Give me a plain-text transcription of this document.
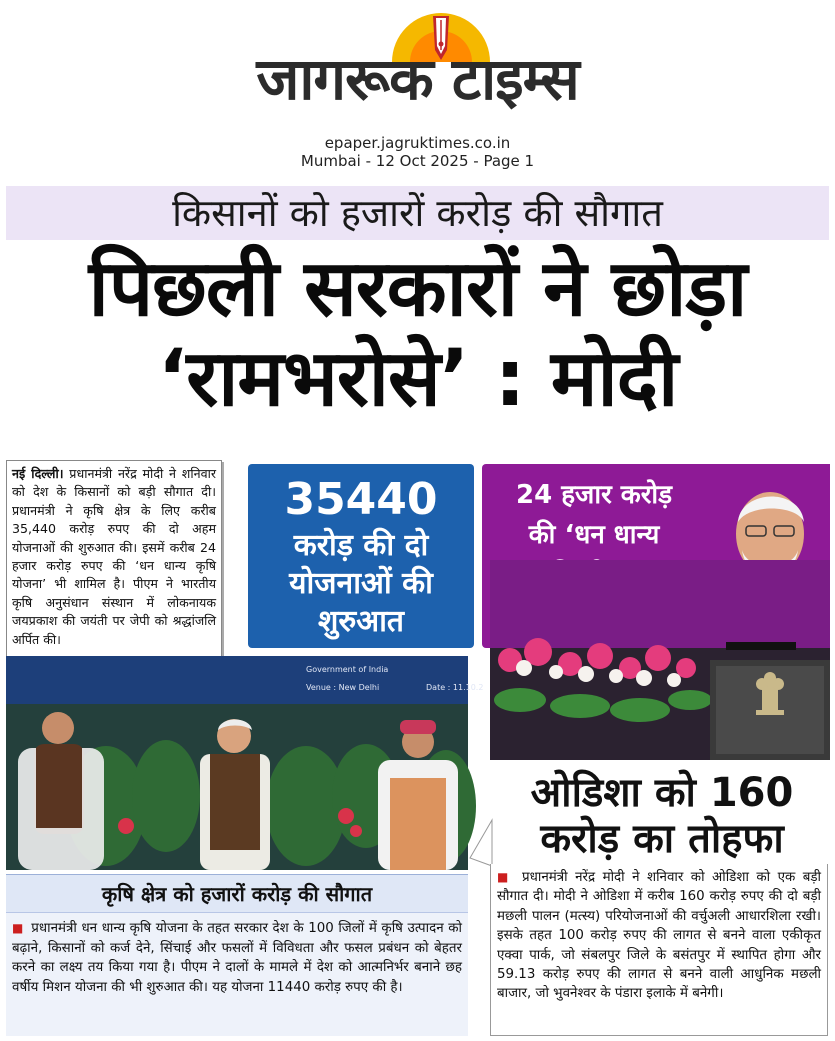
जागरूक टाइम्स
epaper.jagruktimes.co.in
Mumbai - 12 Oct 2025 - Page 1
किसानों को हजारों करोड़ की सौगात
पिछली सरकारों ने छोड़ा
‘रामभरोसे’ : मोदी
नई दिल्ली। प्रधानमंत्री नरेंद्र मोदी ने शनिवार को देश के किसानों को बड़ी सौगात दी। प्रधानमंत्री ने कृषि क्षेत्र के लिए करीब 35,440 करोड़ रुपए की दो अहम योजनाओं की शुरुआत की। इसमें करीब 24 हजार करोड़ रुपए की ‘धन धान्य कृषि योजना’ भी शामिल है। पीएम ने भारतीय कृषि अनुसंधान संस्थान में लोकनायक जयप्रकाश की जयंती पर जेपी को श्रद्धांजलि अर्पित की।
35440
करोड़ की दो
योजनाओं की
शुरुआत
24 हजार करोड़
की ‘धन धान्य
Government of India
Venue : New Delhi	Date : 11.10.2
ओडिशा को 160
करोड़ का तोहफा
कृषि क्षेत्र को हजारों करोड़ की सौगात
■ प्रधानमंत्री धन धान्य कृषि योजना के तहत सरकार देश के 100 जिलों में कृषि उत्पादन को बढ़ाने, किसानों को कर्ज देने, सिंचाई और फसलों में विविधता और फसल प्रबंधन को बेहतर करने का लक्ष्य तय किया गया है। पीएम ने दालों के मामले में देश को आत्मनिर्भर बनाने छह वर्षीय मिशन योजना की भी शुरुआत की। यह योजना 11440 करोड़ रुपए की है।
■ प्रधानमंत्री नरेंद्र मोदी ने शनिवार को ओडिशा को एक बड़ी सौगात दी। मोदी ने ओडिशा में करीब 160 करोड़ रुपए की दो बड़ी मछली पालन (मत्स्य) परियोजनाओं की वर्चुअली आधारशिला रखी। इसके तहत 100 करोड़ रुपए की लागत से बनने वाला एकीकृत एक्वा पार्क, जो संबलपुर जिले के बसंतपुर में स्थापित होगा और 59.13 करोड़ रुपए की लागत से बनने वाली आधुनिक मछली बाजार, जो भुवनेश्वर के पंडारा इलाके में बनेगी।
